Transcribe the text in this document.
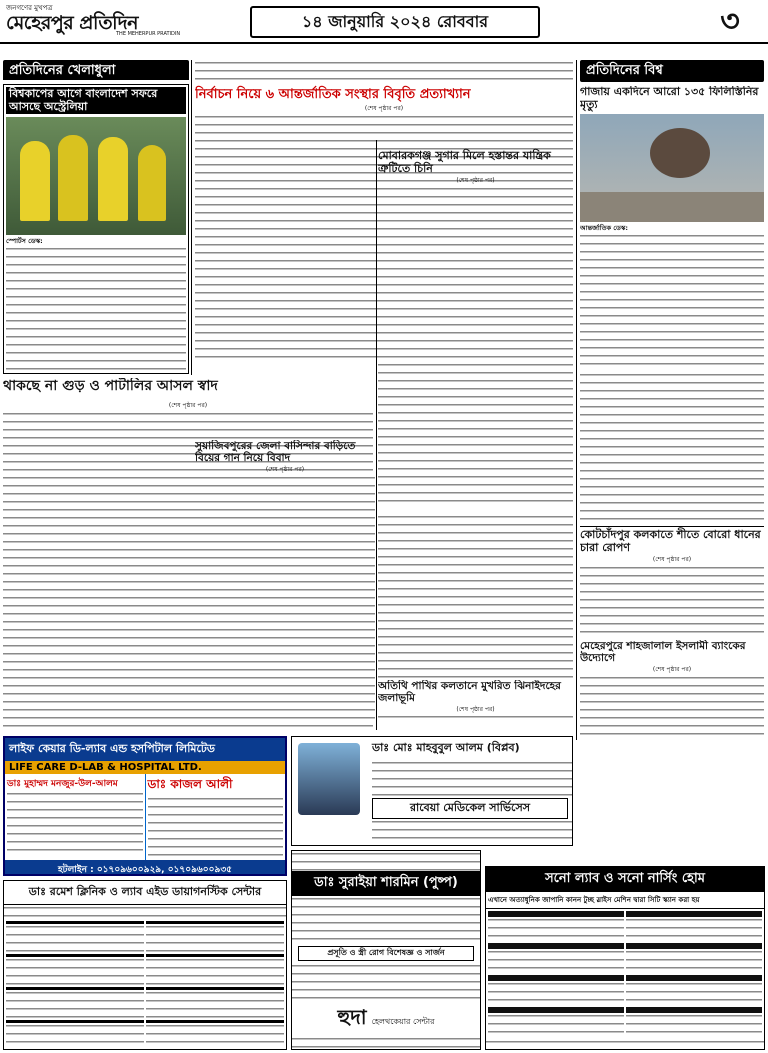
জনগণের মুখপত্র
মেহেরপুর প্রতিদিন
THE MEHERPUR PRATIDIN
১৪ জানুয়ারি ২০২৪ রোববার	৩
প্রতিদিনের খেলাধুলা
বিশ্বকাপের আগে বাংলাদেশ সফরে আসছে অস্ট্রেলিয়া
স্পোর্টস ডেস্ক:
থাকছে না গুড় ও পাটালির আসল স্বাদ
(শেষ পৃষ্ঠার পর)
নির্বাচন নিয়ে ৬ আন্তর্জাতিক সংস্থার বিবৃতি প্রত্যাখ্যান
(শেষ পৃষ্ঠার পর)
মোবারকগঞ্জ সুগার মিলে হস্তান্তর যান্ত্রিক ত্রুটিতে চিনি
(শেষ পৃষ্ঠার পর)
সুয়াজিবপুরের জেলা বাসিন্দার বাড়িতে বিয়ের গান নিয়ে বিবাদ
(শেষ পৃষ্ঠার পর)
অতিথি পাখির কলতানে মুখরিত ঝিনাইদহের জলাভূমি
(শেষ পৃষ্ঠার পর)
প্রতিদিনের বিশ্ব
গাজায় একদিনে আরো ১৩৫ ফিলিস্তিনির মৃত্যু
আন্তর্জাতিক ডেস্ক:
কোটচাঁদপুর কলকাতে শীতে বোরো ধানের চারা রোপণ
(শেষ পৃষ্ঠার পর)
মেহেরপুরে শাহজালাল ইসলামী ব্যাংকের উদ্যোগে
(শেষ পৃষ্ঠার পর)
লাইফ কেয়ার ডি-ল্যাব এন্ড হসপিটাল লিমিটেড
LIFE CARE D-LAB & HOSPITAL LTD.
ডাঃ মুহাম্মদ মনজুর-উল-আলম	ডাঃ কাজল আলী
হটলাইন : ০১৭০৯৬০০৯২৯, ০১৭০৯৬০০৯৩৫
ডাঃ মোঃ মাহবুবুল আলম (বিপ্লব)
রাবেয়া মেডিকেল সার্ভিসেস
ডাঃ সুরাইয়া শারমিন (পুষ্প)
প্রসূতি ও স্ত্রী রোগ বিশেষজ্ঞ ও সার্জন
হুদা হেলথকেয়ার সেন্টার
ডাঃ রমেশ ক্লিনিক ও ল্যাব এইড ডায়াগনস্টিক সেন্টার
সনো ল্যাব ও সনো নার্সিং হোম
এখানে অত্যাধুনিক জাপানি কানন টুচ্ছ স্লাইস মেশিন দ্বারা সিটি স্ক্যান করা হয়
